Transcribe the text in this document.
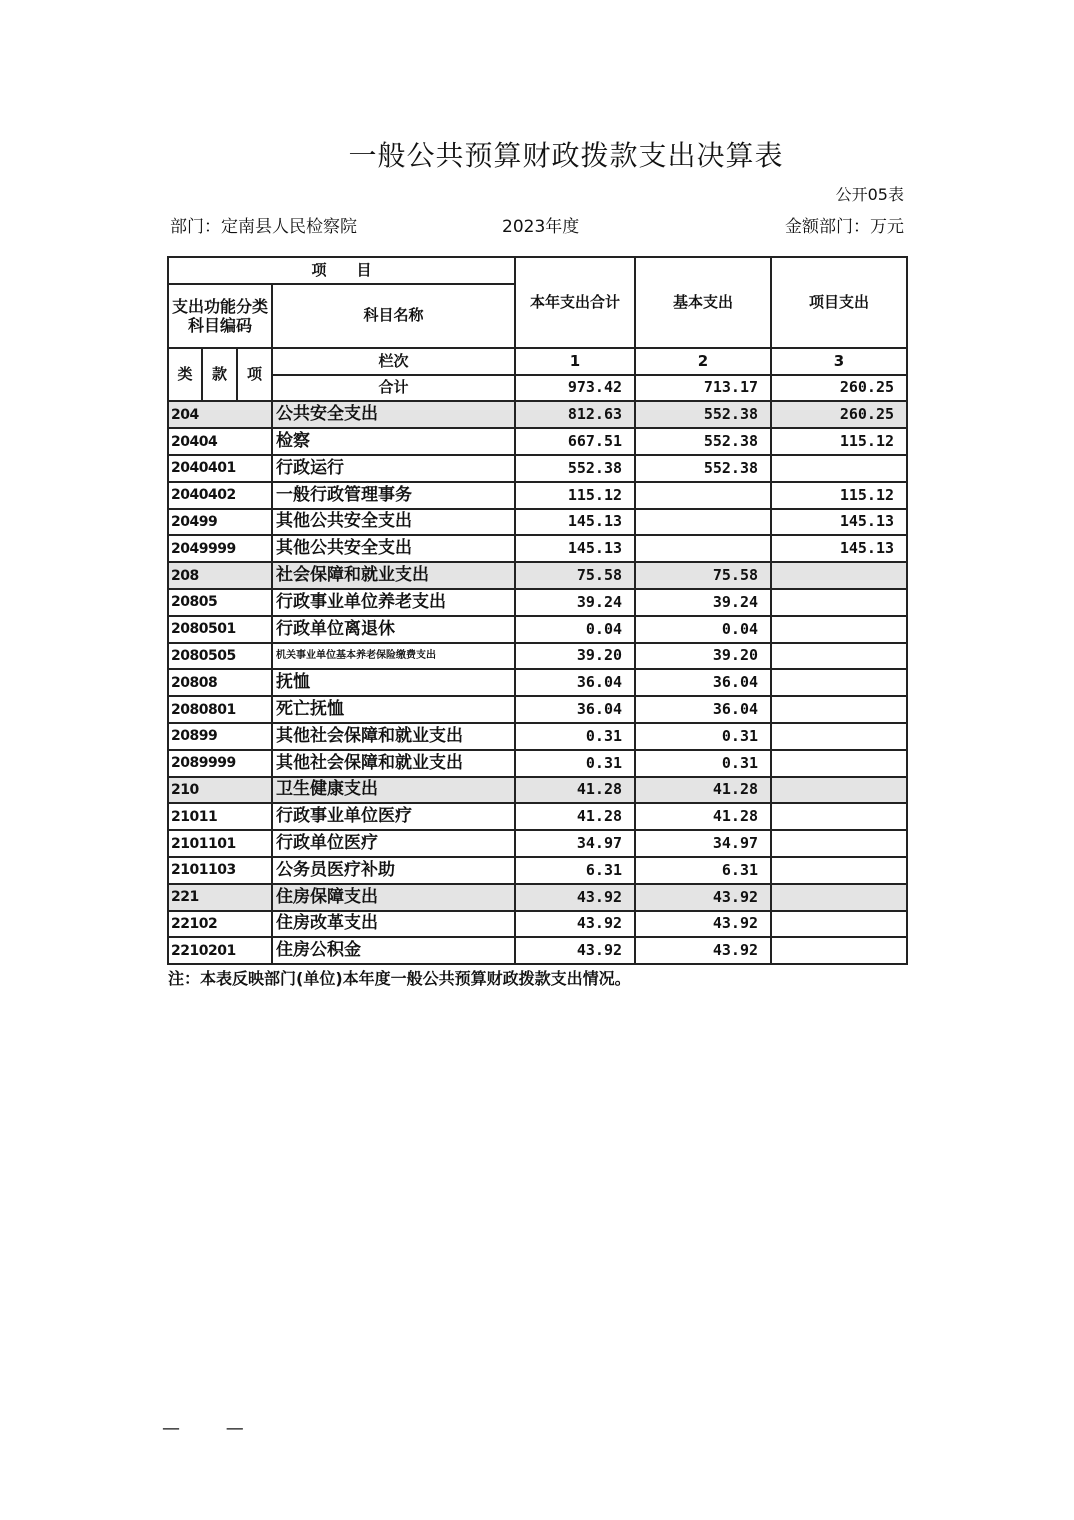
一般公共预算财政拨款支出决算表
公开05表
部门：定南县人民检察院	2023年度	金额部门：万元
项　　目				本年支出合计	基本支出	项目支出
支出功能分类科目编码			科目名称			
类	款	项	栏次	1	2	3
			合计	973.42	713.17	260.25
204			公共安全支出	812.63	552.38	260.25
20404			检察	667.51	552.38	115.12
2040401			行政运行	552.38	552.38	
2040402			一般行政管理事务	115.12		115.12
20499			其他公共安全支出	145.13		145.13
2049999			其他公共安全支出	145.13		145.13
208			社会保障和就业支出	75.58	75.58	
20805			行政事业单位养老支出	39.24	39.24	
2080501			行政单位离退休	0.04	0.04	
2080505			机关事业单位基本养老保险缴费支出	39.20	39.20	
20808			抚恤	36.04	36.04	
2080801			死亡抚恤	36.04	36.04	
20899			其他社会保障和就业支出	0.31	0.31	
2089999			其他社会保障和就业支出	0.31	0.31	
210			卫生健康支出	41.28	41.28	
21011			行政事业单位医疗	41.28	41.28	
2101101			行政单位医疗	34.97	34.97	
2101103			公务员医疗补助	6.31	6.31	
221			住房保障支出	43.92	43.92	
22102			住房改革支出	43.92	43.92	
2210201			住房公积金	43.92	43.92	
注：本表反映部门(单位)本年度一般公共预算财政拨款支出情况。
— —
